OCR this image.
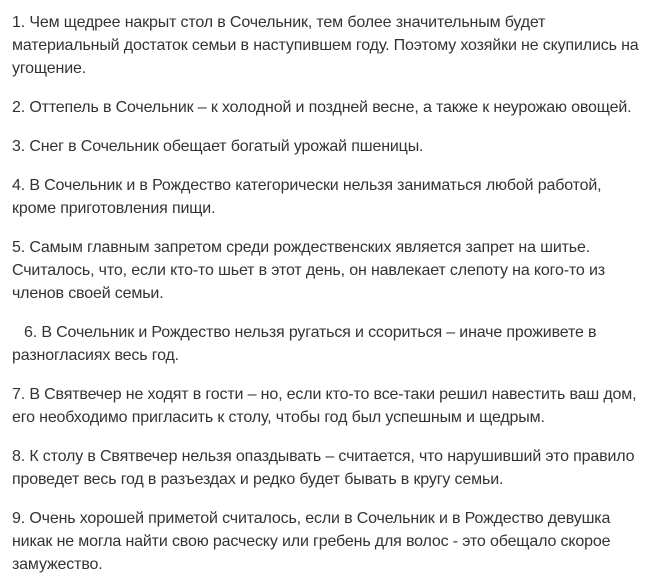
1. Чем щедрее накрыт стол в Сочельник, тем более значительным будет
материальный достаток семьи в наступившем году. Поэтому хозяйки не скупились на
угощение.

2. Оттепель в Сочельник – к холодной и поздней весне, а также к неурожаю овощей.

3. Снег в Сочельник обещает богатый урожай пшеницы.

4. В Сочельник и в Рождество категорически нельзя заниматься любой работой,
кроме приготовления пищи.

5. Самым главным запретом среди рождественских является запрет на шитье.
Считалось, что, если кто-то шьет в этот день, он навлекает слепоту на кого-то из
членов своей семьи.

6. В Сочельник и Рождество нельзя ругаться и ссориться – иначе проживете в
разногласиях весь год.

7. В Святвечер не ходят в гости – но, если кто-то все-таки решил навестить ваш дом,
его необходимо пригласить к столу, чтобы год был успешным и щедрым.

8. К столу в Святвечер нельзя опаздывать – считается, что нарушивший это правило
проведет весь год в разъездах и редко будет бывать в кругу семьи.

9. Очень хорошей приметой считалось, если в Сочельник и в Рождество девушка
никак не могла найти свою расческу или гребень для волос - это обещало скорое
замужество.
